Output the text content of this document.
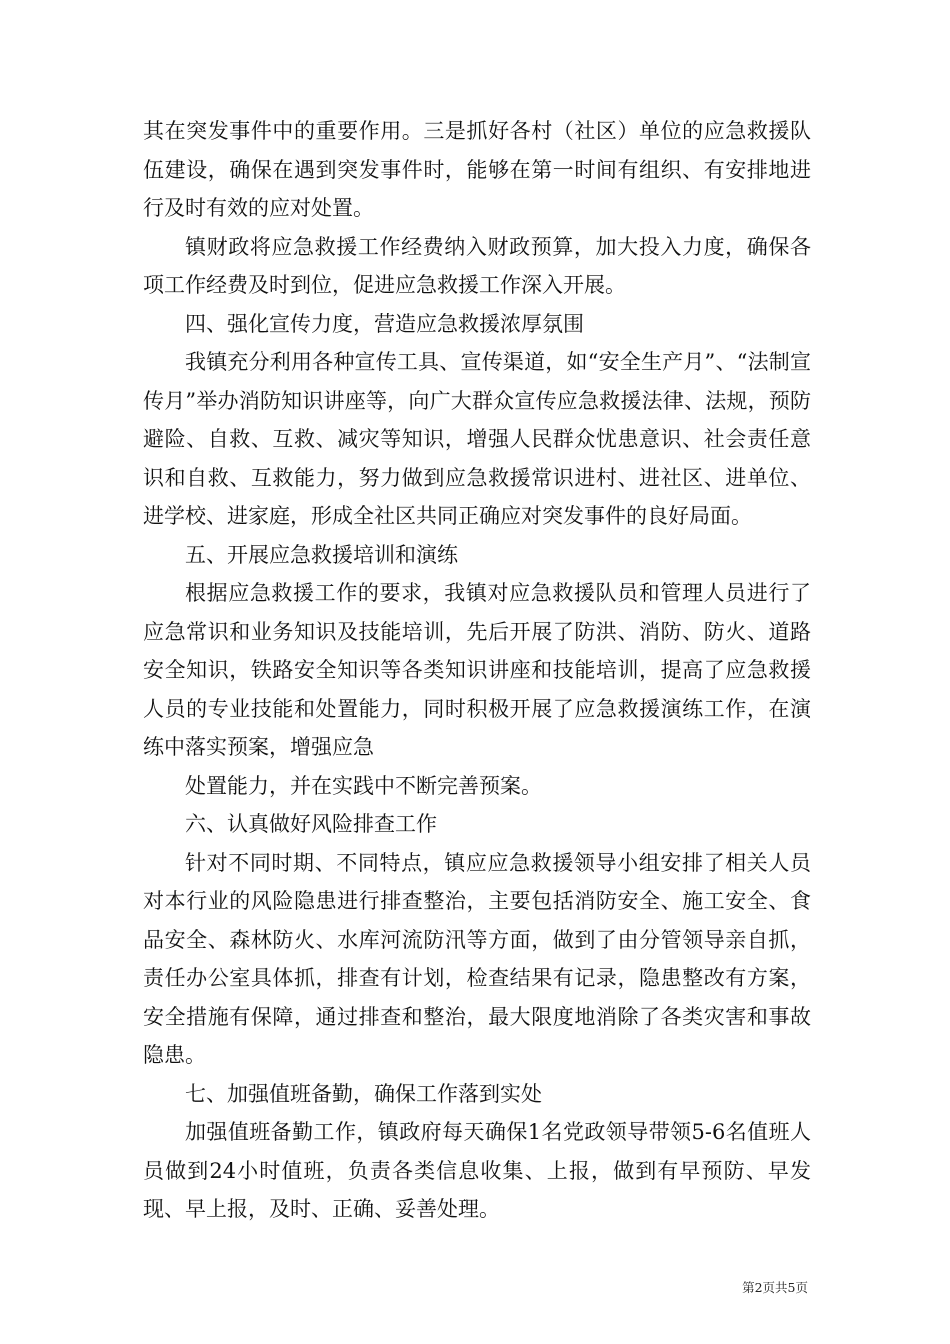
其在突发事件中的重要作用。三是抓好各村（社区）单位的应急救援队伍建设，确保在遇到突发事件时，能够在第一时间有组织、有安排地进行及时有效的应对处置。

镇财政将应急救援工作经费纳入财政预算，加大投入力度，确保各项工作经费及时到位，促进应急救援工作深入开展。

四、强化宣传力度，营造应急救援浓厚氛围

我镇充分利用各种宣传工具、宣传渠道，如“安全生产月”、“法制宣传月”举办消防知识讲座等，向广大群众宣传应急救援法律、法规，预防避险、自救、互救、减灾等知识，增强人民群众忧患意识、社会责任意识和自救、互救能力，努力做到应急救援常识进村、进社区、进单位、进学校、进家庭，形成全社区共同正确应对突发事件的良好局面。

五、开展应急救援培训和演练

根据应急救援工作的要求，我镇对应急救援队员和管理人员进行了应急常识和业务知识及技能培训，先后开展了防洪、消防、防火、道路安全知识，铁路安全知识等各类知识讲座和技能培训，提高了应急救援人员的专业技能和处置能力，同时积极开展了应急救援演练工作，在演练中落实预案，增强应急

处置能力，并在实践中不断完善预案。

六、认真做好风险排查工作

针对不同时期、不同特点，镇应应急救援领导小组安排了相关人员对本行业的风险隐患进行排查整治，主要包括消防安全、施工安全、食品安全、森林防火、水库河流防汛等方面，做到了由分管领导亲自抓，责任办公室具体抓，排查有计划，检查结果有记录，隐患整改有方案，安全措施有保障，通过排查和整治，最大限度地消除了各类灾害和事故隐患。

七、加强值班备勤，确保工作落到实处

加强值班备勤工作，镇政府每天确保1名党政领导带领5-6名值班人员做到24小时值班，负责各类信息收集、上报，做到有早预防、早发现、早上报，及时、正确、妥善处理。

第2页共5页
